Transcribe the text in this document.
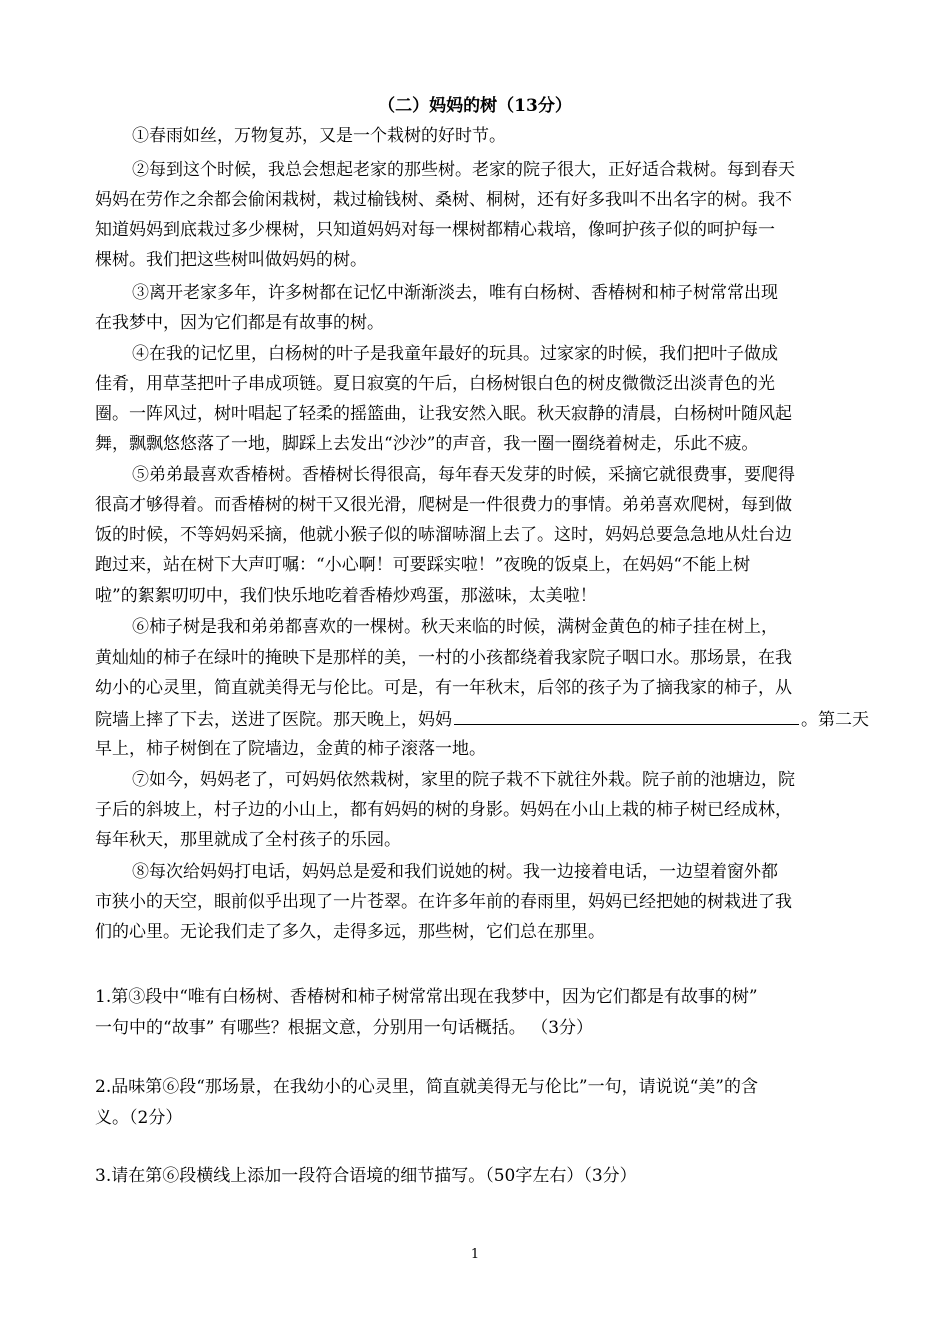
（二）妈妈的树（13分）
①春雨如丝，万物复苏，又是一个栽树的好时节。
②每到这个时候，我总会想起老家的那些树。老家的院子很大，正好适合栽树。每到春天
妈妈在劳作之余都会偷闲栽树，栽过榆钱树、桑树、桐树，还有好多我叫不出名字的树。我不
知道妈妈到底栽过多少棵树，只知道妈妈对每一棵树都精心栽培，像呵护孩子似的呵护每一
棵树。我们把这些树叫做妈妈的树。
③离开老家多年，许多树都在记忆中渐渐淡去，唯有白杨树、香椿树和柿子树常常出现
在我梦中，因为它们都是有故事的树。
④在我的记忆里，白杨树的叶子是我童年最好的玩具。过家家的时候，我们把叶子做成
佳肴，用草茎把叶子串成项链。夏日寂寞的午后，白杨树银白色的树皮微微泛出淡青色的光
圈。一阵风过，树叶唱起了轻柔的摇篮曲，让我安然入眠。秋天寂静的清晨，白杨树叶随风起
舞，飘飘悠悠落了一地，脚踩上去发出“沙沙”的声音，我一圈一圈绕着树走，乐此不疲。
⑤弟弟最喜欢香椿树。香椿树长得很高，每年春天发芽的时候，采摘它就很费事，要爬得
很高才够得着。而香椿树的树干又很光滑，爬树是一件很费力的事情。弟弟喜欢爬树，每到做
饭的时候，不等妈妈采摘，他就小猴子似的哧溜哧溜上去了。这时，妈妈总要急急地从灶台边
跑过来，站在树下大声叮嘱：“小心啊！可要踩实啦！”夜晚的饭桌上，在妈妈“不能上树
啦”的絮絮叨叨中，我们快乐地吃着香椿炒鸡蛋，那滋味，太美啦！
⑥柿子树是我和弟弟都喜欢的一棵树。秋天来临的时候，满树金黄色的柿子挂在树上，
黄灿灿的柿子在绿叶的掩映下是那样的美，一村的小孩都绕着我家院子咽口水。那场景，在我
幼小的心灵里，简直就美得无与伦比。可是，有一年秋末，后邻的孩子为了摘我家的柿子，从
院墙上摔了下去，送进了医院。那天晚上，妈妈	。第二天
早上，柿子树倒在了院墙边，金黄的柿子滚落一地。
⑦如今，妈妈老了，可妈妈依然栽树，家里的院子栽不下就往外栽。院子前的池塘边，院
子后的斜坡上，村子边的小山上，都有妈妈的树的身影。妈妈在小山上栽的柿子树已经成林，
每年秋天，那里就成了全村孩子的乐园。
⑧每次给妈妈打电话，妈妈总是爱和我们说她的树。我一边接着电话，一边望着窗外都
市狭小的天空，眼前似乎出现了一片苍翠。在许多年前的春雨里，妈妈已经把她的树栽进了我
们的心里。无论我们走了多久，走得多远，那些树，它们总在那里。
1.第③段中“唯有白杨树、香椿树和柿子树常常出现在我梦中，因为它们都是有故事的树”
一句中的“故事” 有哪些？根据文意，分别用一句话概括。 （3分）
2.品味第⑥段“那场景，在我幼小的心灵里，简直就美得无与伦比”一句，请说说“美”的含
义。（2分）
3.请在第⑥段横线上添加一段符合语境的细节描写。（50字左右）（3分）
1
